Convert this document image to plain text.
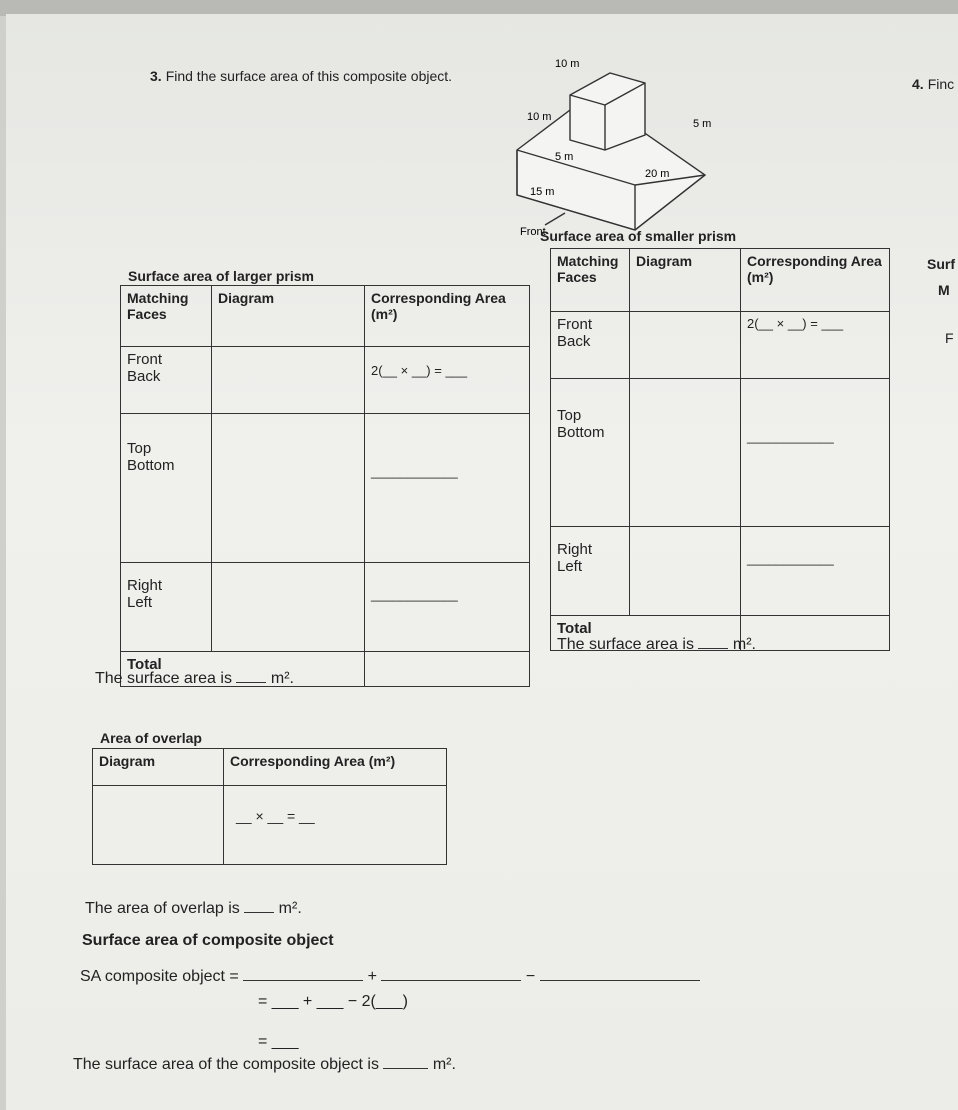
3. Find the surface area of this composite object.	4. Finc
10 m
10 m
5 m
5 m
20 m
15 m
Front
Surface area of larger prism
Matching Faces	Diagram	Corresponding Area (m²)
Front
Back		2(__ × __) = ___
Top
Bottom		____________
Right
Left		____________
Total		
The surface area is m².
Surface area of smaller prism
Matching Faces	Diagram	Corresponding Area (m²)
Front
Back		2(__ × __) = ___
Top
Bottom		____________
Right
Left		____________
Total		
The surface area is m².
Surf
M
F
Area of overlap
Diagram	Corresponding Area (m²)
	__ × __ = __
The area of overlap is m².
Surface area of composite object
SA composite object =	+	−
= ___ + ___ − 2(___)
= ___
The surface area of the composite object is	m².
